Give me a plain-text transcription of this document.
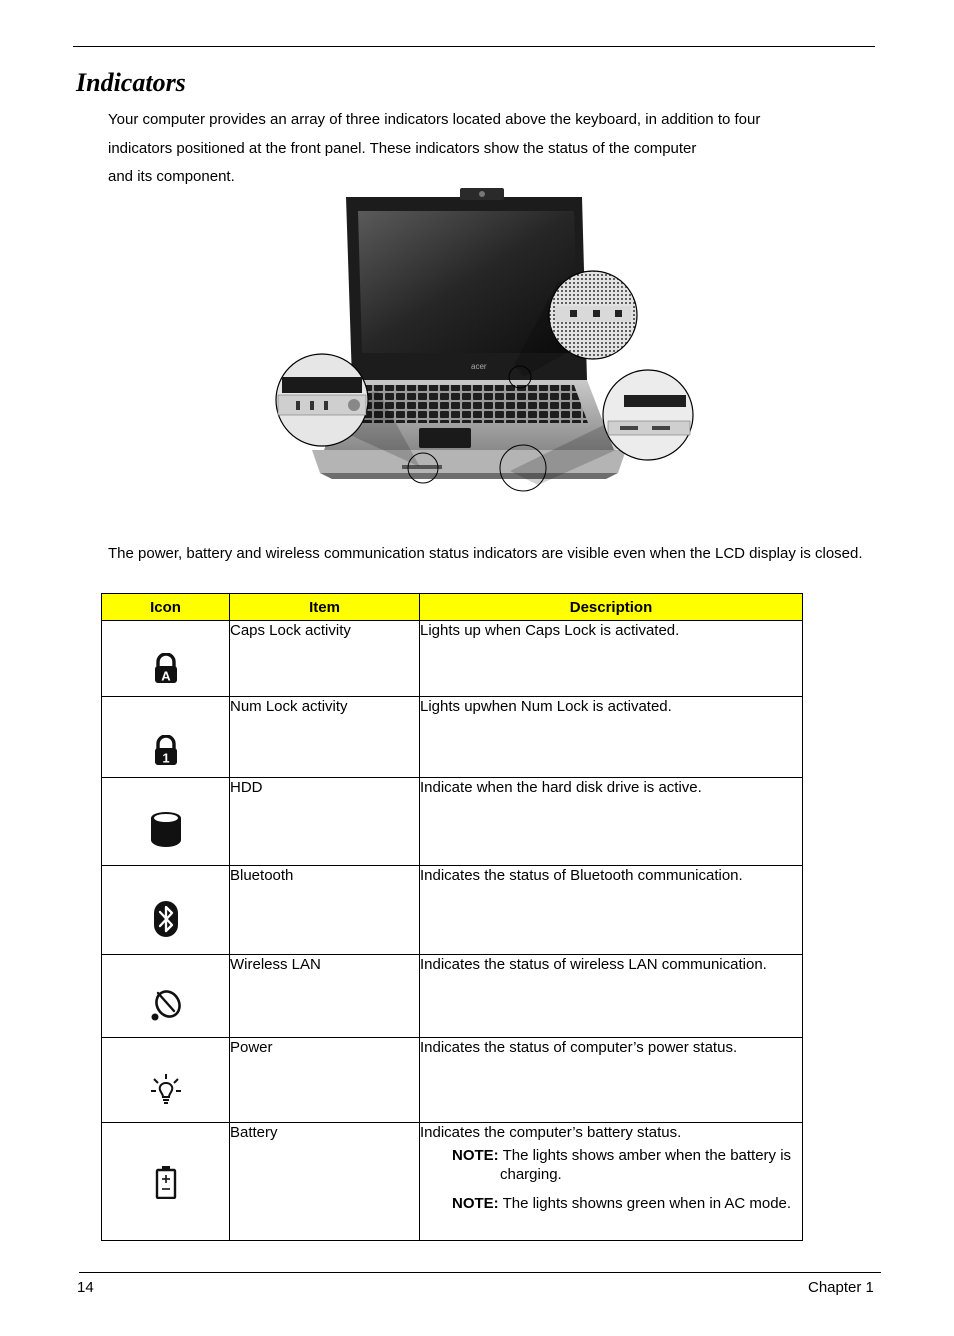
Indicators

Your computer provides an array of three indicators located above the keyboard, in addition to four

indicators positioned at the front panel. These indicators show the status of the computer

and its component.

acer
The power, battery and wireless communication status indicators are visible even when the LCD display is closed.
Icon	Item	Description

A	Caps Lock activity	Lights up when Caps Lock is activated.

1	Num Lock activity	Lights upwhen Num Lock is activated.

	HDD	Indicate when the hard disk drive is active.

	Bluetooth	Indicates the status of Bluetooth communication.

	Wireless LAN	Indicates the status of wireless LAN communication.

	Power	Indicates the status of computer’s power status.

	Battery	Indicates the computer’s battery status.
NOTE: The lights shows amber when the battery is charging.
NOTE: The lights showns green when in AC mode.
14	Chapter 1
